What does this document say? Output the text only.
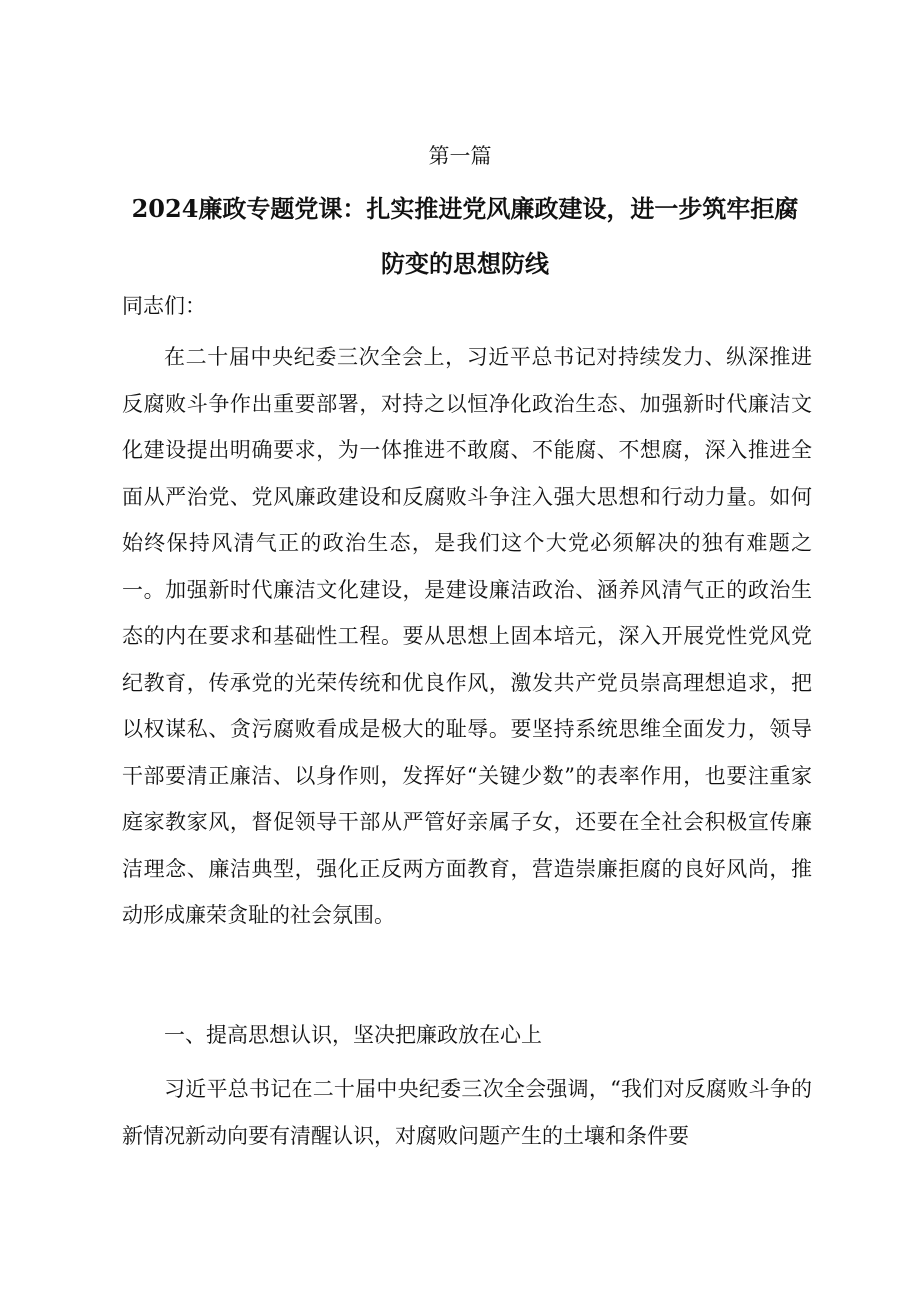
第一篇
2024廉政专题党课：扎实推进党风廉政建设，进一步筑牢拒腐防变的思想防线
同志们：
在二十届中央纪委三次全会上，习近平总书记对持续发力、纵深推进反腐败斗争作出重要部署，对持之以恒净化政治生态、加强新时代廉洁文化建设提出明确要求，为一体推进不敢腐、不能腐、不想腐，深入推进全面从严治党、党风廉政建设和反腐败斗争注入强大思想和行动力量。如何始终保持风清气正的政治生态，是我们这个大党必须解决的独有难题之一。加强新时代廉洁文化建设，是建设廉洁政治、涵养风清气正的政治生态的内在要求和基础性工程。要从思想上固本培元，深入开展党性党风党纪教育，传承党的光荣传统和优良作风，激发共产党员崇高理想追求，把以权谋私、贪污腐败看成是极大的耻辱。要坚持系统思维全面发力，领导干部要清正廉洁、以身作则，发挥好“关键少数”的表率作用，也要注重家庭家教家风，督促领导干部从严管好亲属子女，还要在全社会积极宣传廉洁理念、廉洁典型，强化正反两方面教育，营造崇廉拒腐的良好风尚，推动形成廉荣贪耻的社会氛围。
一、提高思想认识，坚决把廉政放在心上
习近平总书记在二十届中央纪委三次全会强调，“我们对反腐败斗争的新情况新动向要有清醒认识，对腐败问题产生的土壤和条件要
